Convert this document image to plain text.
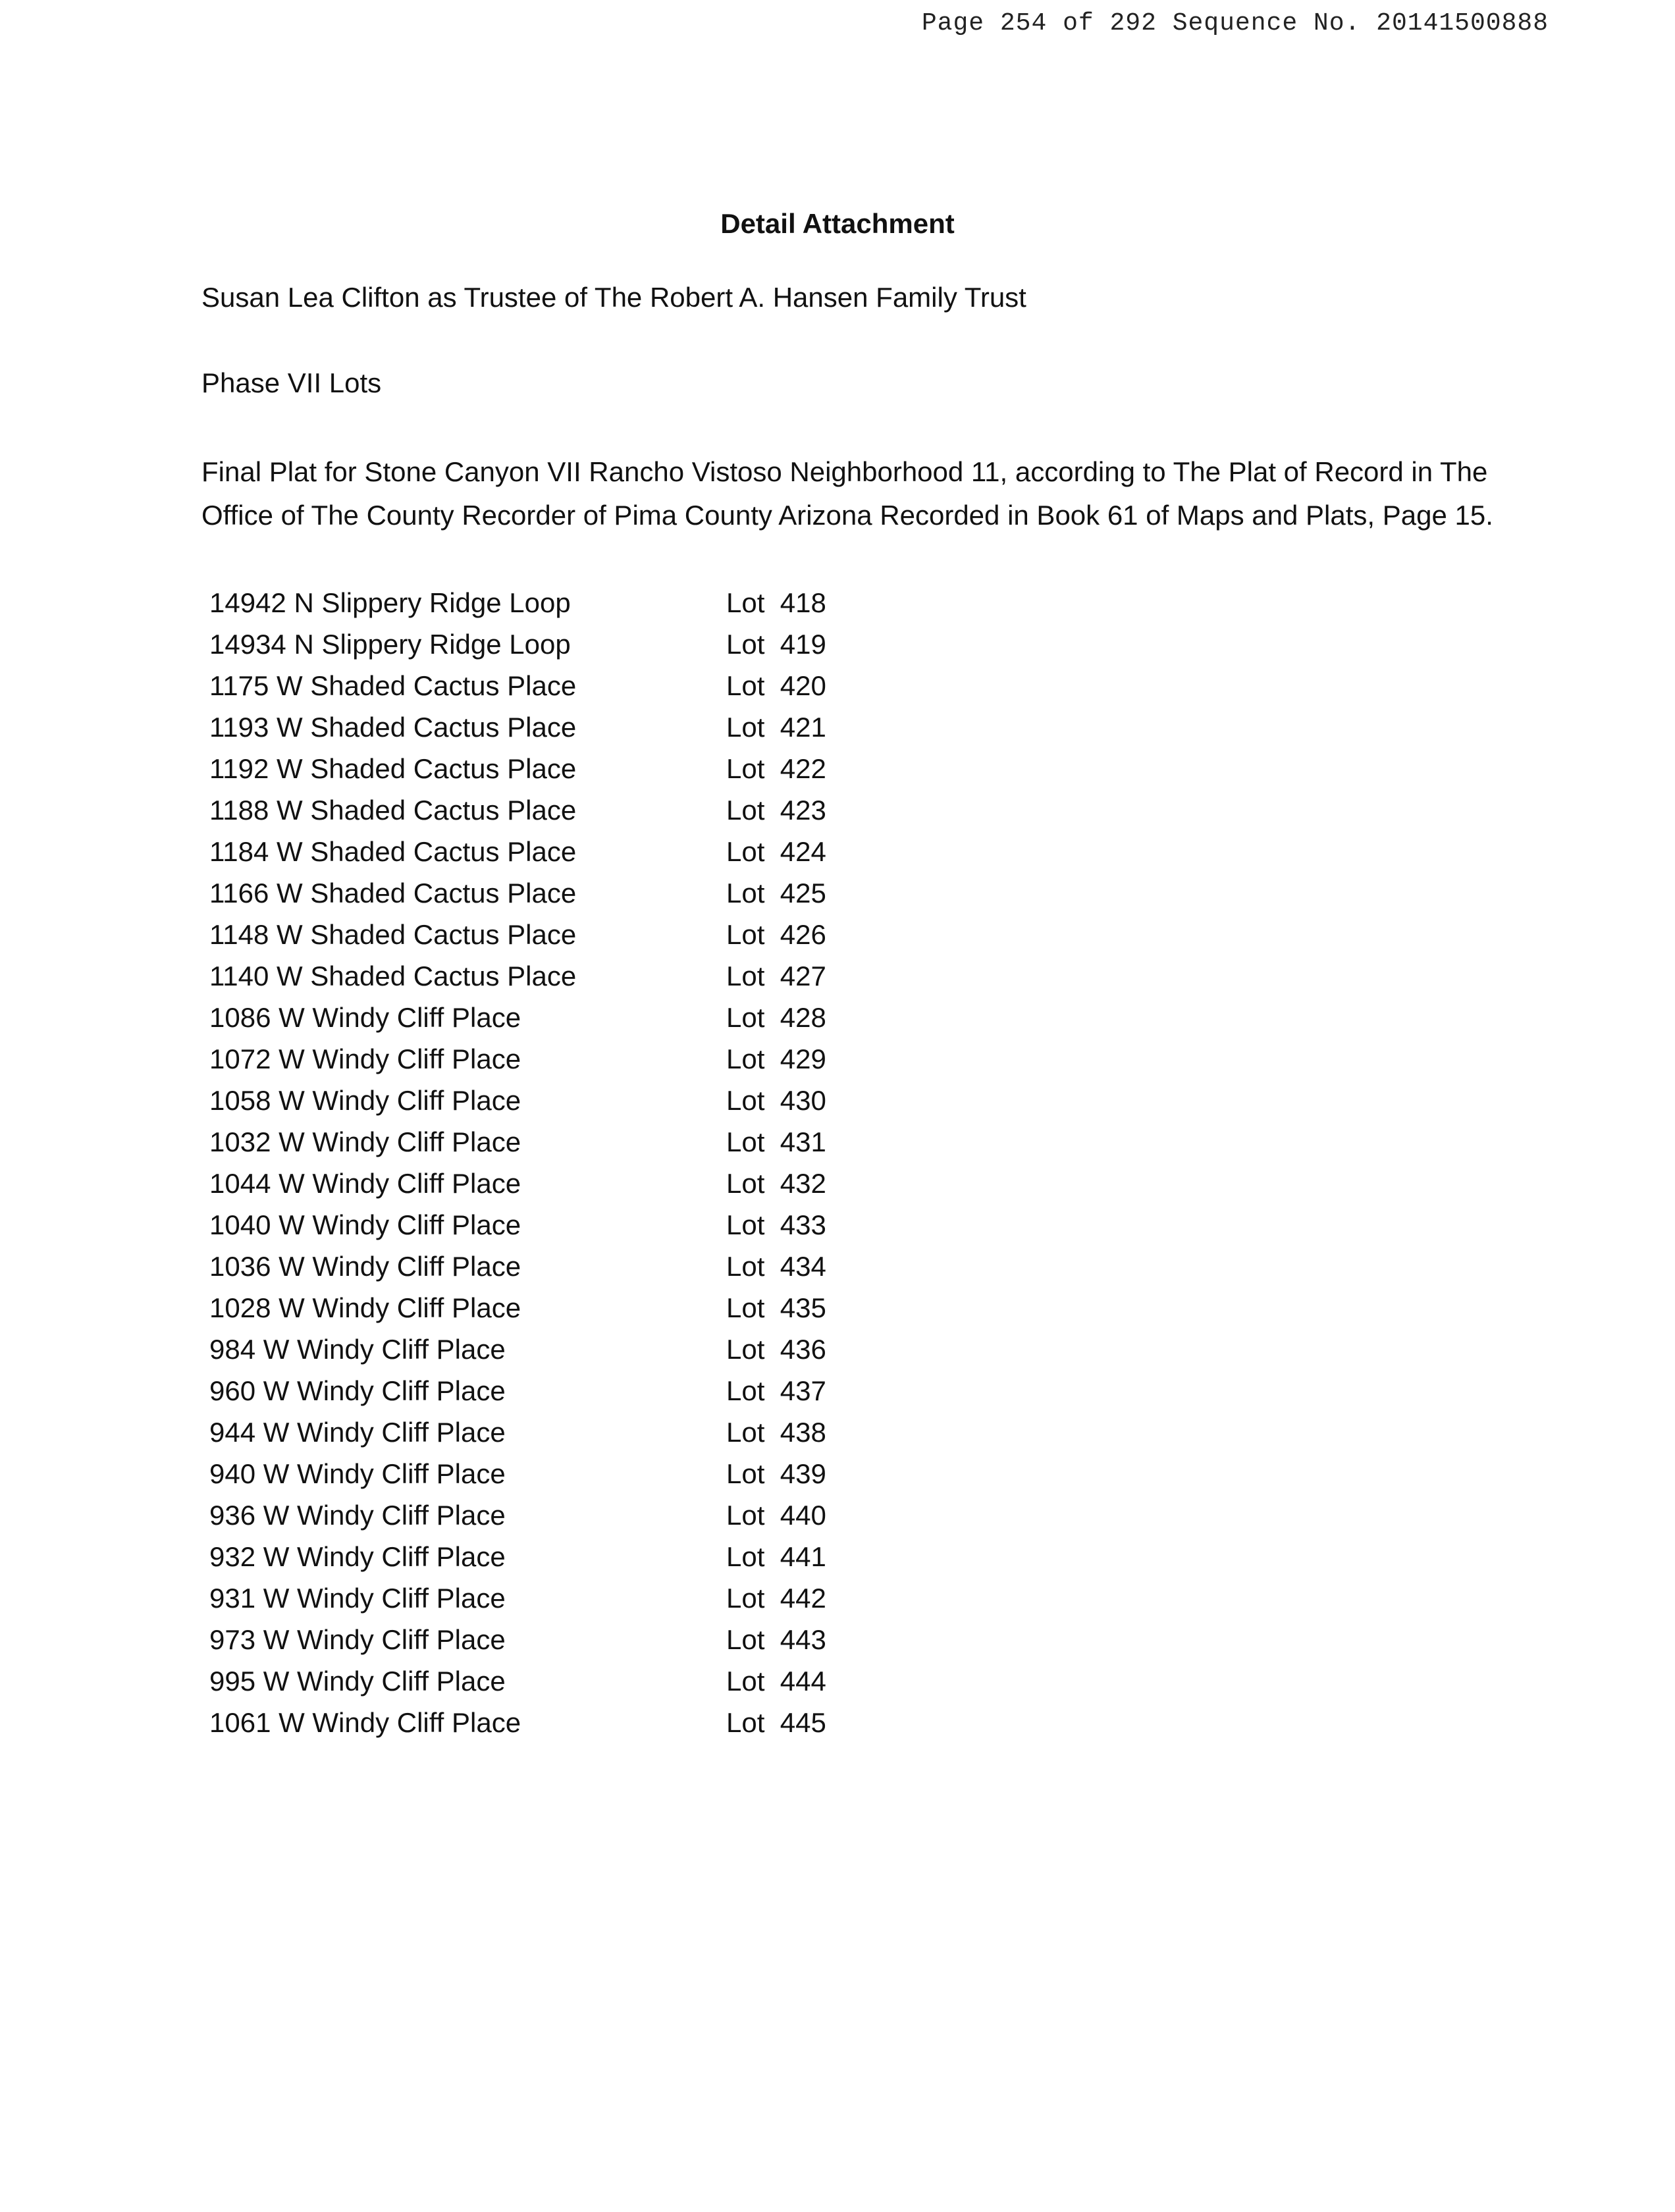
Page 254 of 292 Sequence No. 20141500888
Detail Attachment
Susan Lea Clifton as Trustee of The Robert A. Hansen Family Trust
Phase VII Lots
Final Plat for Stone Canyon VII Rancho Vistoso Neighborhood 11, according to The Plat of Record in The Office of The County Recorder of Pima County Arizona Recorded in Book 61 of Maps and Plats, Page 15.
14942 N Slippery Ridge Loop	Lot  418
14934 N Slippery Ridge Loop	Lot  419
1175 W Shaded Cactus Place	Lot  420
1193 W Shaded Cactus Place	Lot  421
1192 W Shaded Cactus Place	Lot  422
1188 W Shaded Cactus Place	Lot  423
1184 W Shaded Cactus Place	Lot  424
1166 W Shaded Cactus Place	Lot  425
1148 W Shaded Cactus Place	Lot  426
1140 W Shaded Cactus Place	Lot  427
1086 W Windy Cliff Place	Lot  428
1072 W Windy Cliff Place	Lot  429
1058 W Windy Cliff Place	Lot  430
1032 W Windy Cliff Place	Lot  431
1044 W Windy Cliff Place	Lot  432
1040 W Windy Cliff Place	Lot  433
1036 W Windy Cliff Place	Lot  434
1028 W Windy Cliff Place	Lot  435
984 W Windy Cliff Place	Lot  436
960 W Windy Cliff Place	Lot  437
944 W Windy Cliff Place	Lot  438
940 W Windy Cliff Place	Lot  439
936 W Windy Cliff Place	Lot  440
932 W Windy Cliff Place	Lot  441
931 W Windy Cliff Place	Lot  442
973 W Windy Cliff Place	Lot  443
995 W Windy Cliff Place	Lot  444
1061 W Windy Cliff Place	Lot  445
